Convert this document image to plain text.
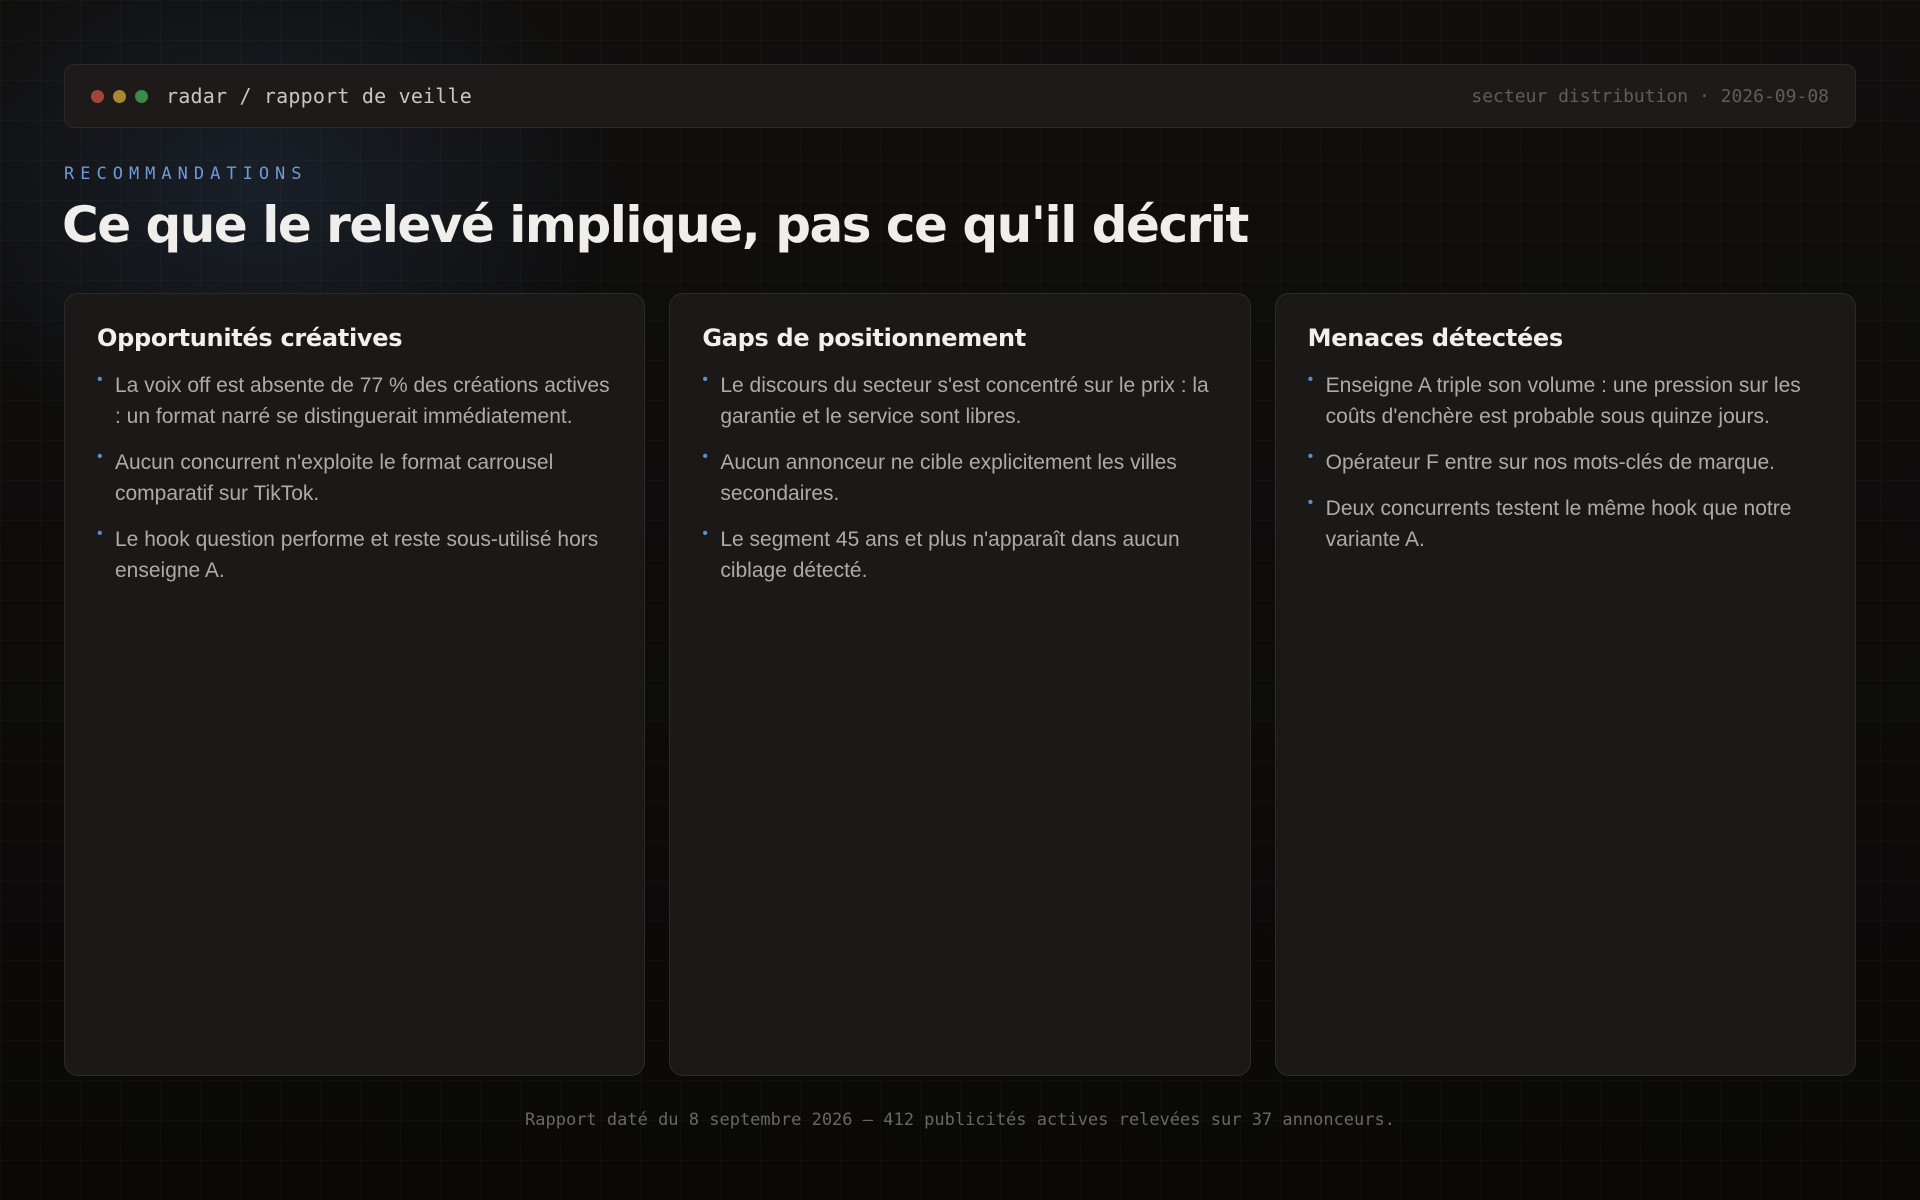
radar / rapport de veille	secteur distribution · 2026-09-08
RECOMMANDATIONS
Ce que le relevé implique, pas ce qu'il décrit
Opportunités créatives
• La voix off est absente de 77 % des créations actives : un format narré se distinguerait immédiatement.
• Aucun concurrent n'exploite le format carrousel comparatif sur TikTok.
• Le hook question performe et reste sous-utilisé hors enseigne A.
Gaps de positionnement
• Le discours du secteur s'est concentré sur le prix : la garantie et le service sont libres.
• Aucun annonceur ne cible explicitement les villes secondaires.
• Le segment 45 ans et plus n'apparaît dans aucun ciblage détecté.
Menaces détectées
• Enseigne A triple son volume : une pression sur les coûts d'enchère est probable sous quinze jours.
• Opérateur F entre sur nos mots-clés de marque.
• Deux concurrents testent le même hook que notre variante A.
Rapport daté du 8 septembre 2026 — 412 publicités actives relevées sur 37 annonceurs.
